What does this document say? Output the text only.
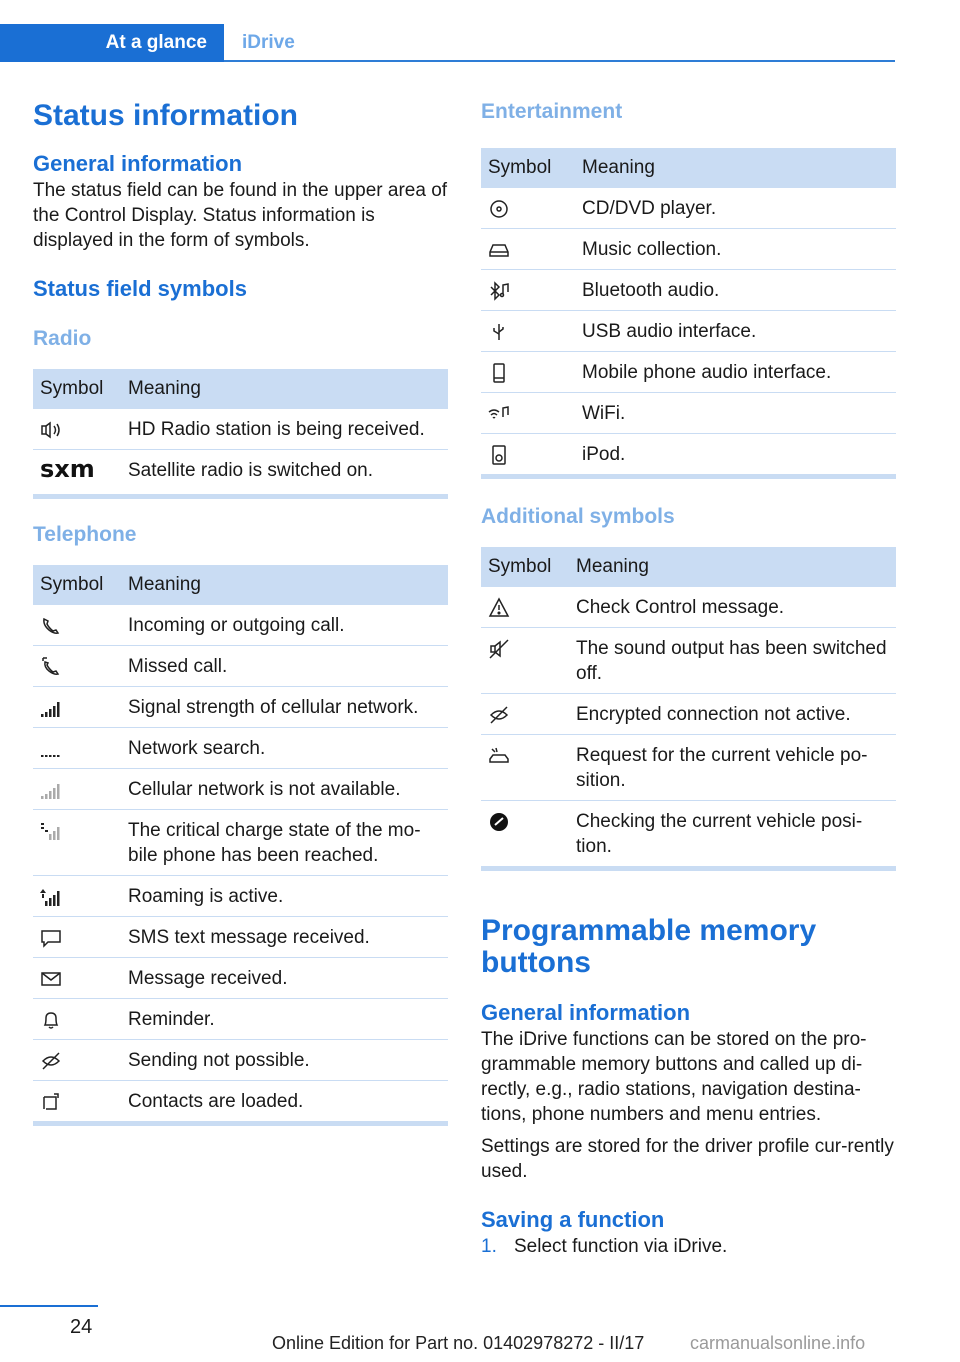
At a glance	iDrive
Status information
General information

The status field can be found in the upper area of the Control Display. Status information is displayed in the form of symbols.

Status field symbols
Radio
Symbol	Meaning
	HD Radio station is being received.

sxm	Satellite radio is switched on.
Telephone
Symbol	Meaning
	Incoming or outgoing call.
	Missed call.
	Signal strength of cellular network.
	Network search.
	Cellular network is not available.
	The critical charge state of the mo-bile phone has been reached.
	Roaming is active.
	SMS text message received.
	Message received.
	Reminder.
	Sending not possible.
	Contacts are loaded.
Entertainment
Symbol	Meaning
	CD/DVD player.
	Music collection.
	Bluetooth audio.
	USB audio interface.
	Mobile phone audio interface.
	WiFi.
	iPod.
Additional symbols
Symbol	Meaning
	Check Control message.
	The sound output has been switched off.
	Encrypted connection not active.
	Request for the current vehicle po-sition.
	Checking the current vehicle posi-tion.
Programmable memory buttons
General information

The iDrive functions can be stored on the pro-grammable memory buttons and called up di-rectly, e.g., radio stations, navigation destina-tions, phone numbers and menu entries.

Settings are stored for the driver profile cur-rently used.

Saving a function
1. Select function via iDrive.
24
Online Edition for Part no. 01402978272 - II/17	carmanualsonline.info
